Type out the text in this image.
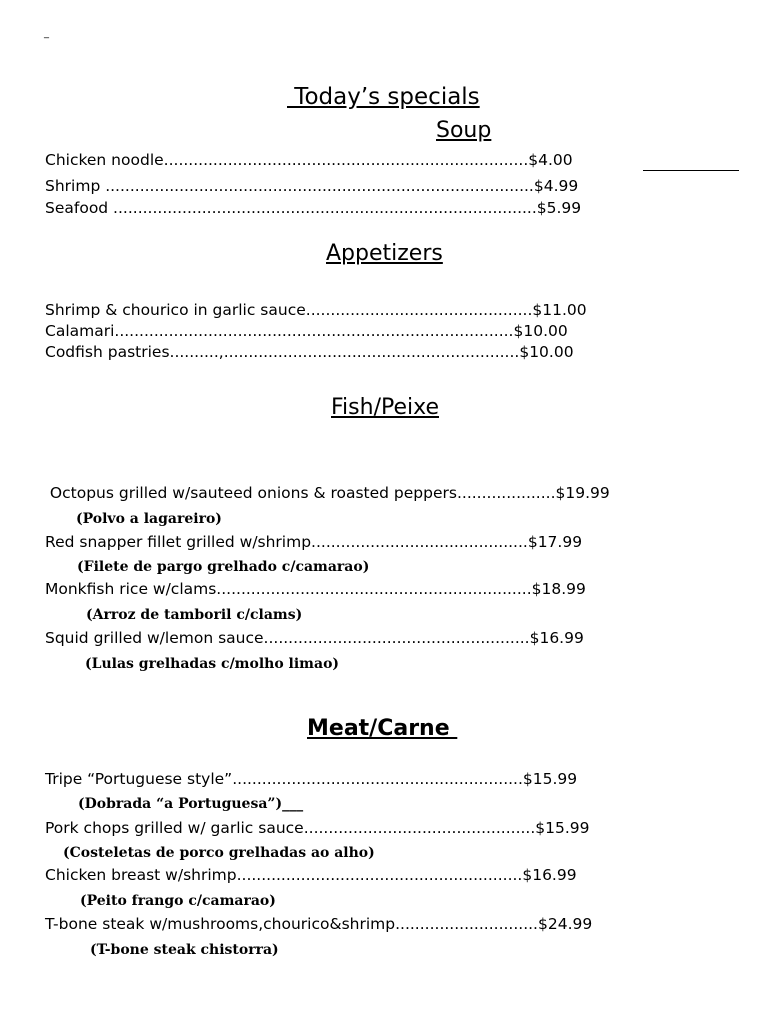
_
Today’s specials
Soup
Chicken noodle..........................................................................$4.00
Shrimp .......................................................................................$4.99
Seafood ......................................................................................$5.99
Appetizers
Shrimp & chourico in garlic sauce..............................................$11.00
Calamari.................................................................................$10.00
Codfish pastries..........,............................................................$10.00
Fish/Peixe
Octopus grilled w/sauteed onions & roasted peppers....................$19.99
(Polvo a lagareiro)
Red snapper fillet grilled w/shrimp............................................$17.99
(Filete de pargo grelhado c/camarao)
Monkfish rice w/clams................................................................$18.99
(Arroz de tamboril c/clams)
Squid grilled w/lemon sauce......................................................$16.99
(Lulas grelhadas c/molho limao)
Meat/Carne
Tripe “Portuguese style”...........................................................$15.99
(Dobrada “a Portuguesa”)___
Pork chops grilled w/ garlic sauce...............................................$15.99
(Costeletas de porco grelhadas ao alho)
Chicken breast w/shrimp..........................................................$16.99
(Peito frango c/camarao)
T-bone steak w/mushrooms,chourico&shrimp.............................$24.99
(T-bone steak chistorra)
